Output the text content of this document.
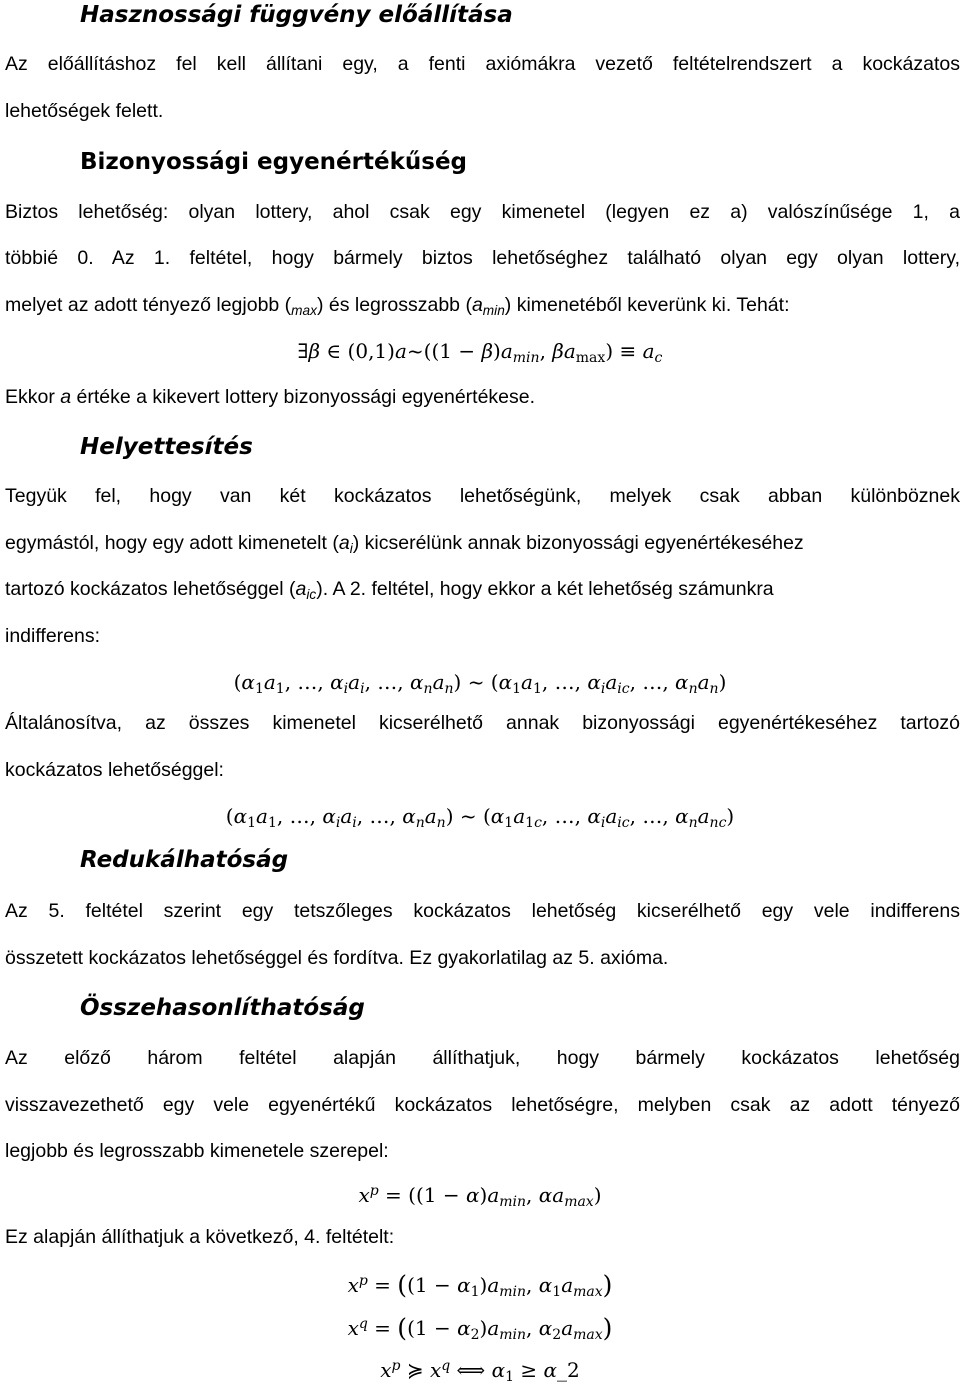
Hasznossági függvény előállítása

Az előállításhoz fel kell állítani egy, a fenti axiómákra vezető feltételrendszert a kockázatos

lehetőségek felett.

Bizonyossági egyenértékűség

Biztos lehetőség: olyan lottery, ahol csak egy kimenetel (legyen ez a) valószínűsége 1, a

többié 0. Az 1. feltétel, hogy bármely biztos lehetőséghez található olyan egy olyan lottery,

melyet az adott tényező legjobb $(_{max})$ és legrosszabb $(a_{min})$ kimenetéből keverünk ki. Tehát:

∃β ∈ (0,1)a~((1 − $\beta)a_{min}$, $\beta a_{max}) \equiv a_c$

Ekkor a értéke a kikevert lottery bizonyossági egyenértékese.

Helyettesítés

Tegyük fel, hogy van két kockázatos lehetőségünk, melyek csak abban különböznek

egymástól, hogy egy adott kimenetelt $(a_i)$ kicserélünk annak bizonyossági egyenértékeséhez

tartozó kockázatos lehetőséggel $(a_{ic})$. A 2. feltétel, hogy ekkor a két lehetőség számunkra

indifferens:

($\alpha_1a_1$, …, $\alpha_ia_i$, …, $\alpha_na_n$) ~ ($\alpha_1a_1$, …, $\alpha_ia_{ic}$, …, $\alpha_na_n$)

Általánosítva, az összes kimenetel kicserélhető annak bizonyossági egyenértékeséhez tartozó

kockázatos lehetőséggel:

($\alpha_1a_1$, …, $\alpha_ia_i$, …, $\alpha_na_n$) ~ ($\alpha_1a_{1c}$, …, $\alpha_ia_{ic}$, …, $\alpha_na_{nc}$)
Redukálhatóság

Az 5. feltétel szerint egy tetszőleges kockázatos lehetőség kicserélhető egy vele indifferens

összetett kockázatos lehetőséggel és fordítva. Ez gyakorlatilag az 5. axióma.

Összehasonlíthatóság

Az előző három feltétel alapján állíthatjuk, hogy bármely kockázatos lehetőség

visszavezethető egy vele egyenértékű kockázatos lehetőségre, melyben csak az adott tényező

legjobb és legrosszabb kimenetele szerepel:

$x^p = ((1 - \alpha)a_{min}$, $\alpha a_{max}$)

Ez alapján állíthatjuk a következő, 4. feltételt:

$x^p = ((1 - \alpha_1)a_{min}$, $\alpha_1a_{max}$)
$x^q = ((1 - \alpha_2)a_{min}$, $\alpha_2a_{max}$)
$x^p$ ≽ $x^q$ ⟺ $\alpha_1$ ≥ α_2
